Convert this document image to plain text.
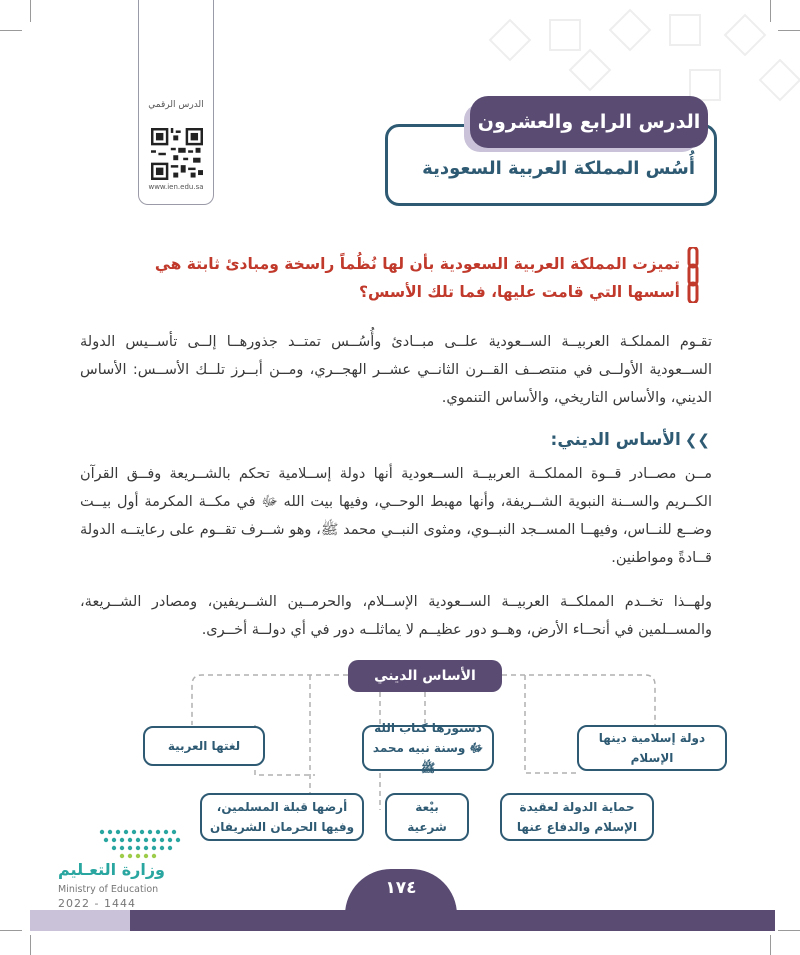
الدرس الرقمي
www.ien.edu.sa
الدرس الرابع والعشرون
أُسُس المملكة العربية السعودية
تميزت المملكة العربية السعودية بأن لها نُظُماً راسخة ومبادئ ثابتة هي أسسها التي قامت عليها، فما تلك الأسس؟
تقـوم المملكـة العربيــة الســعودية علــى مبــادئ وأُسُــس تمتــد جذورهــا إلــى تأســيس الدولة الســعودية الأولــى في منتصــف القــرن الثانــي عشــر الهجــري، ومــن أبــرز تلــك الأســس: الأساس الديني، والأساس التاريخي، والأساس التنموي.
❯❯الأساس الديني:
مــن مصــادر قــوة المملكــة العربيــة الســعودية أنها دولة إســلامية تحكم بالشــريعة وفــق القرآن الكــريم والســنة النبوية الشــريفة، وأنها مهبط الوحــي، وفيها بيت الله ﷻ في مكــة المكرمة أول بيــت وضــع للنــاس، وفيهــا المســجد النبــوي، ومثوى النبــي محمد ﷺ، وهو شــرف تقــوم على رعايتــه الدولة قــادةً ومواطنين.
ولهــذا تخــدم المملكــة العربيــة الســعودية الإســلام، والحرمــين الشــريفين، ومصادر الشــريعة، والمســلمين في أنحــاء الأرض، وهــو دور عظيــم لا يماثلــه دور في أي دولــة أخــرى.
الأساس الديني
دولة إسلامية دينها الإسلام
دستورها كتاب الله ﷻ وسنة نبيه محمد ﷺ
لغتها العربية
حماية الدولة لعقيدة الإسلام والدفاع عنها
بيْعة
شرعية
أرضها قبلة المسلمين، وفيها الحرمان الشريفان
وزارة التعـليم
Ministry of Education
2022 - 1444
١٧٤
